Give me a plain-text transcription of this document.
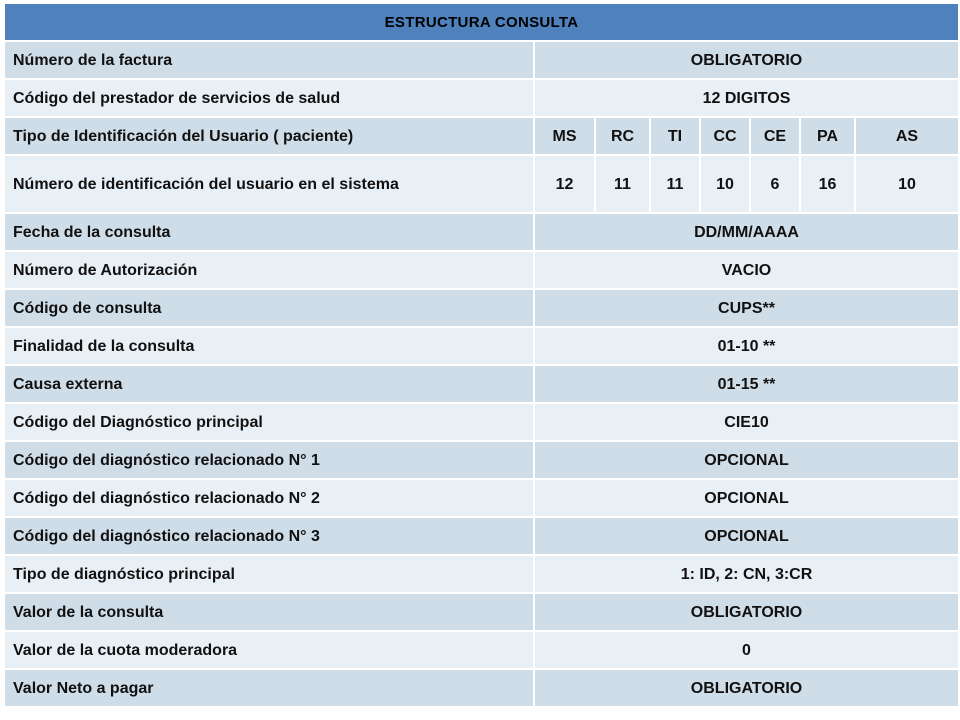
ESTRUCTURA CONSULTA							
Número de la factura	OBLIGATORIO						
Código del prestador de servicios de salud	12 DIGITOS						
Tipo de Identificación del Usuario ( paciente)	MS	RC	TI	CC	CE	PA	AS
Número de identificación del usuario en el sistema	12	11	11	10	6	16	10
Fecha de la consulta	DD/MM/AAAA						
Número de Autorización	VACIO						
Código de consulta	CUPS**						
Finalidad de la consulta	01-10 **						
Causa externa	01-15 **						
Código del Diagnóstico principal	CIE10						
Código del diagnóstico relacionado N° 1	OPCIONAL						
Código del diagnóstico relacionado N° 2	OPCIONAL						
Código del diagnóstico relacionado N° 3	OPCIONAL						
Tipo de diagnóstico principal	1: ID, 2: CN, 3:CR						
Valor de la consulta	OBLIGATORIO						
Valor de la cuota moderadora	0						
Valor Neto a pagar	OBLIGATORIO						
